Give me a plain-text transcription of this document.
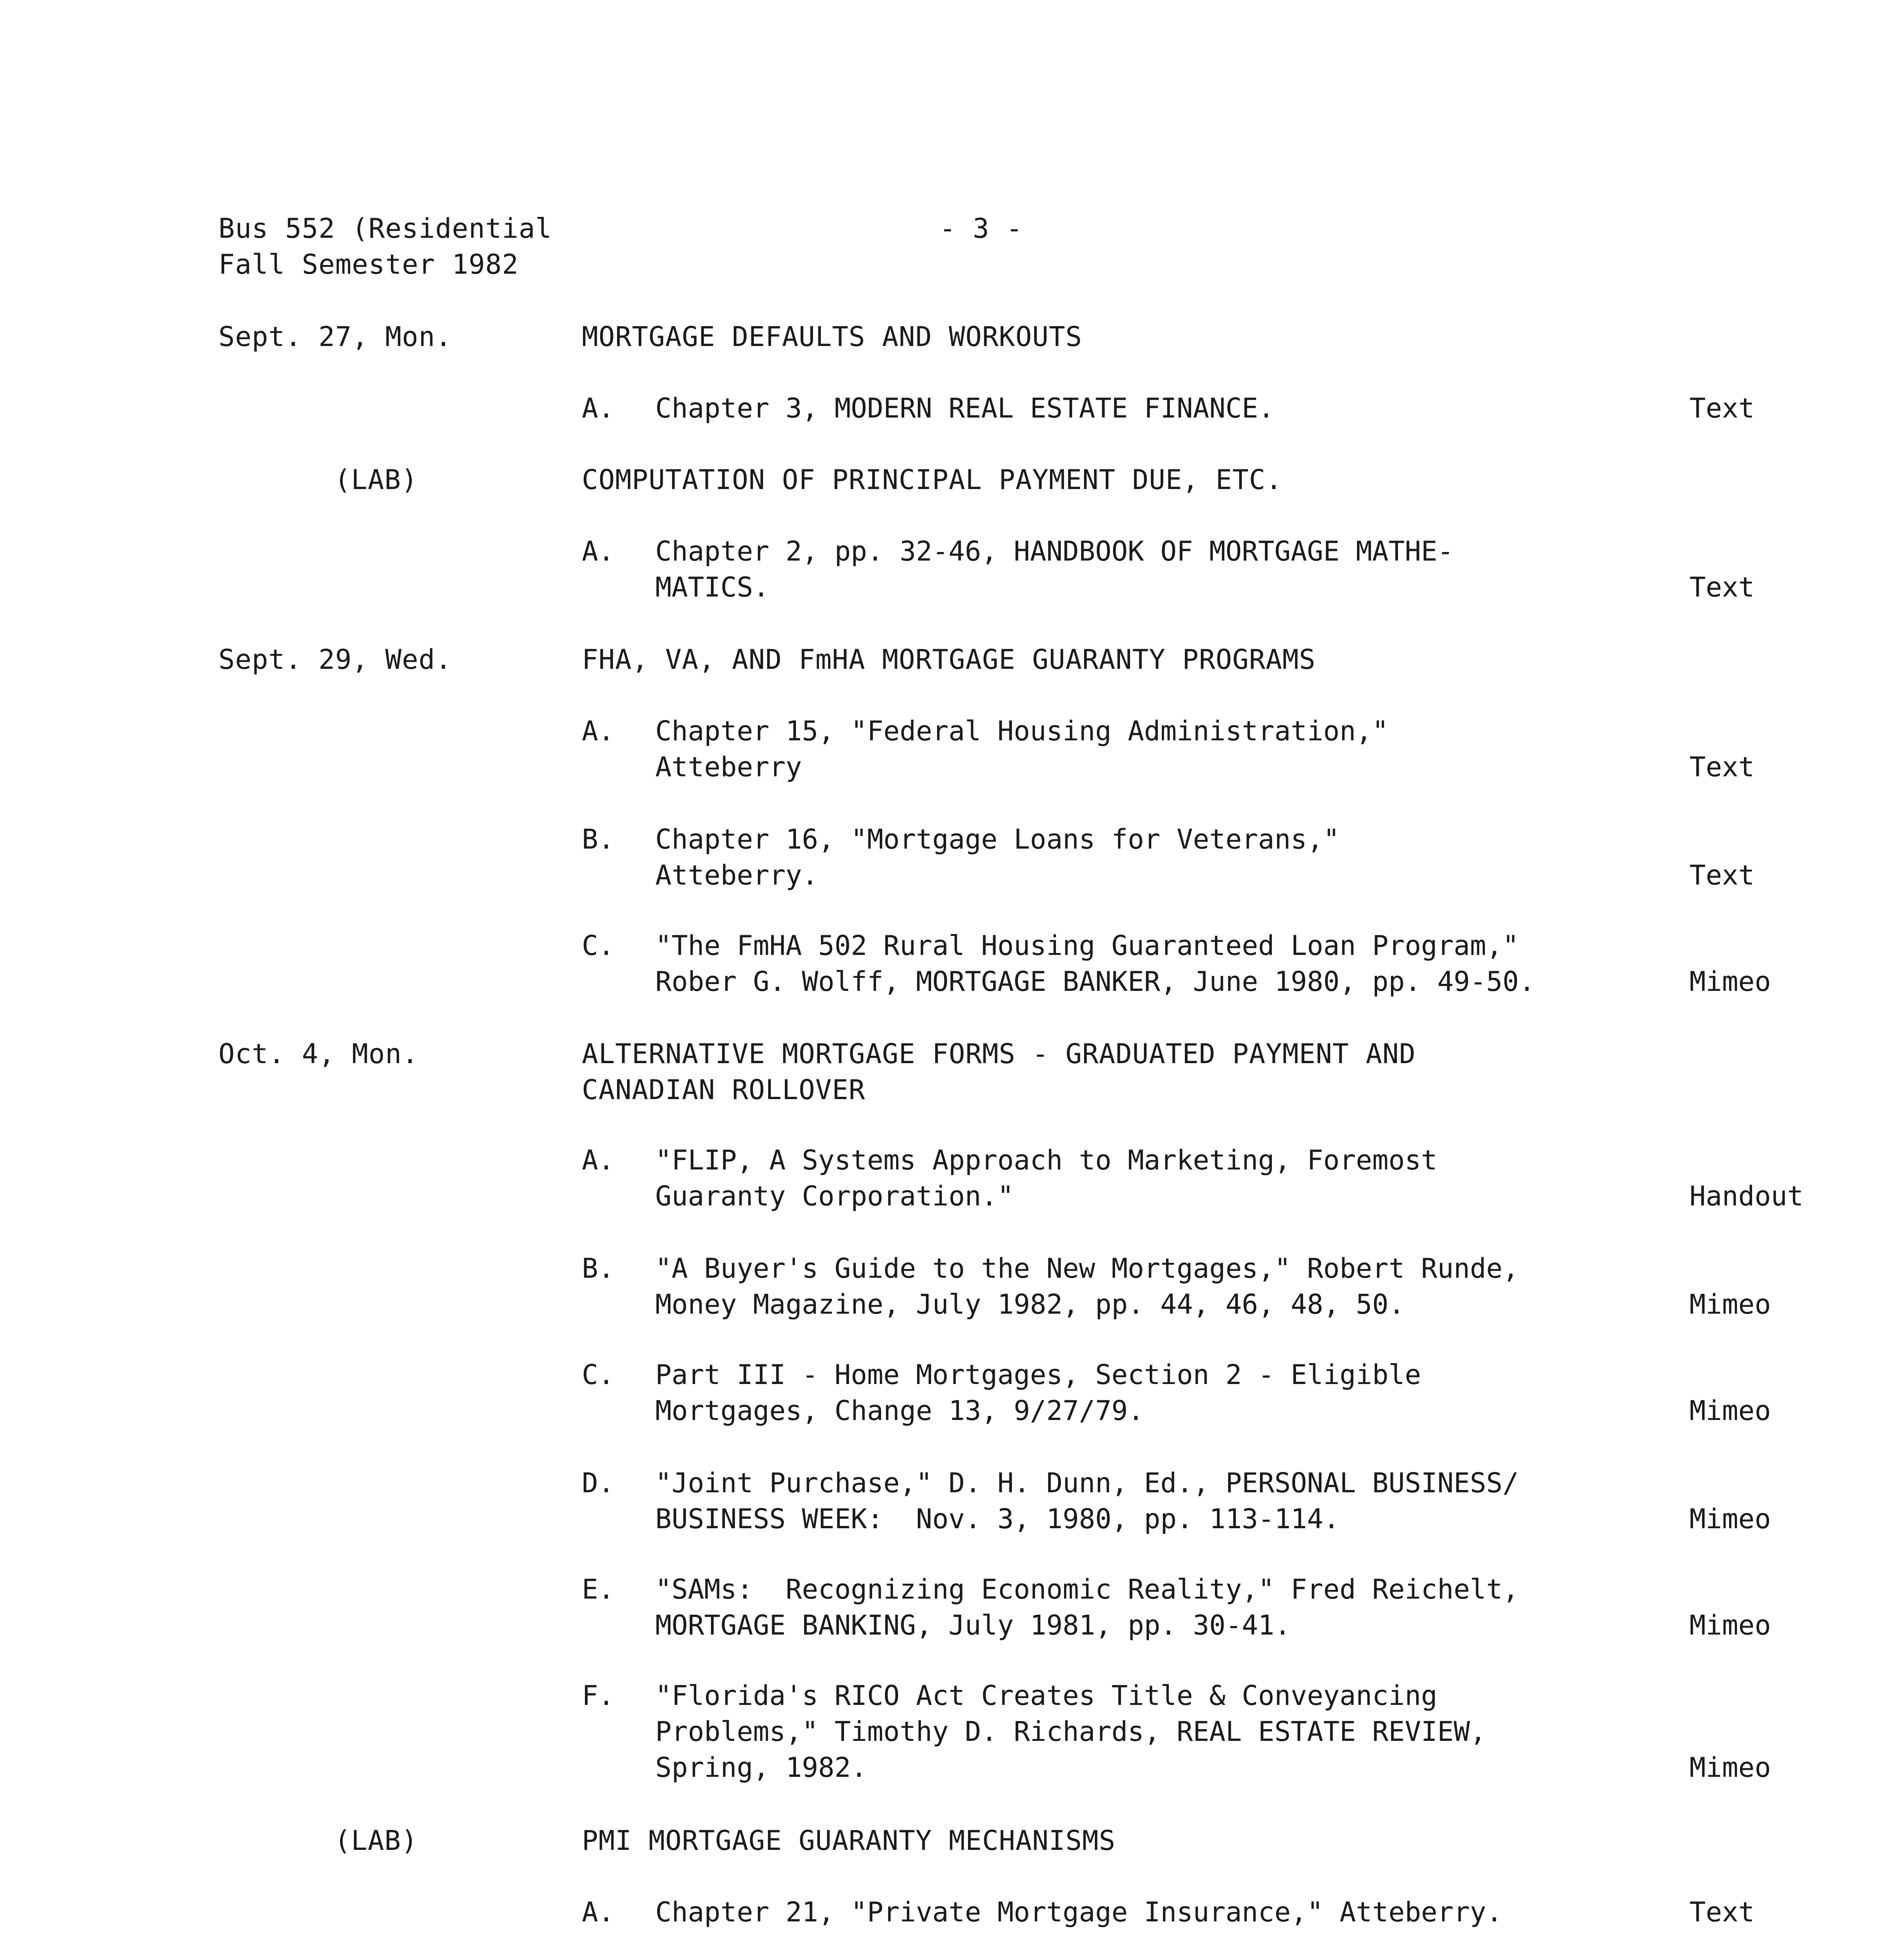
Bus 552 (Residential
Fall Semester 1982
- 3 -
Sept. 27, Mon.	MORTGAGE DEFAULTS AND WORKOUTS
A. Chapter 3, MODERN REAL ESTATE FINANCE.	Text
(LAB)	COMPUTATION OF PRINCIPAL PAYMENT DUE, ETC.
A. Chapter 2, pp. 32-46, HANDBOOK OF MORTGAGE MATHE-
MATICS.	Text
Sept. 29, Wed.	FHA, VA, AND FmHA MORTGAGE GUARANTY PROGRAMS
A. Chapter 15, "Federal Housing Administration,"
Atteberry	Text
B. Chapter 16, "Mortgage Loans for Veterans,"
Atteberry.	Text
C. "The FmHA 502 Rural Housing Guaranteed Loan Program,"
Rober G. Wolff, MORTGAGE BANKER, June 1980, pp. 49-50.	Mimeo
Oct. 4, Mon.	ALTERNATIVE MORTGAGE FORMS - GRADUATED PAYMENT AND
CANADIAN ROLLOVER
A. "FLIP, A Systems Approach to Marketing, Foremost
Guaranty Corporation."	Handout
B. "A Buyer's Guide to the New Mortgages," Robert Runde,
Money Magazine, July 1982, pp. 44, 46, 48, 50.	Mimeo
C. Part III - Home Mortgages, Section 2 - Eligible
Mortgages, Change 13, 9/27/79.	Mimeo
D. "Joint Purchase," D. H. Dunn, Ed., PERSONAL BUSINESS/
BUSINESS WEEK:  Nov. 3, 1980, pp. 113-114.	Mimeo
E. "SAMs:  Recognizing Economic Reality," Fred Reichelt,
MORTGAGE BANKING, July 1981, pp. 30-41.	Mimeo
F. "Florida's RICO Act Creates Title & Conveyancing
Problems," Timothy D. Richards, REAL ESTATE REVIEW,
Spring, 1982.	Mimeo
(LAB)	PMI MORTGAGE GUARANTY MECHANISMS
A. Chapter 21, "Private Mortgage Insurance," Atteberry.	Text
